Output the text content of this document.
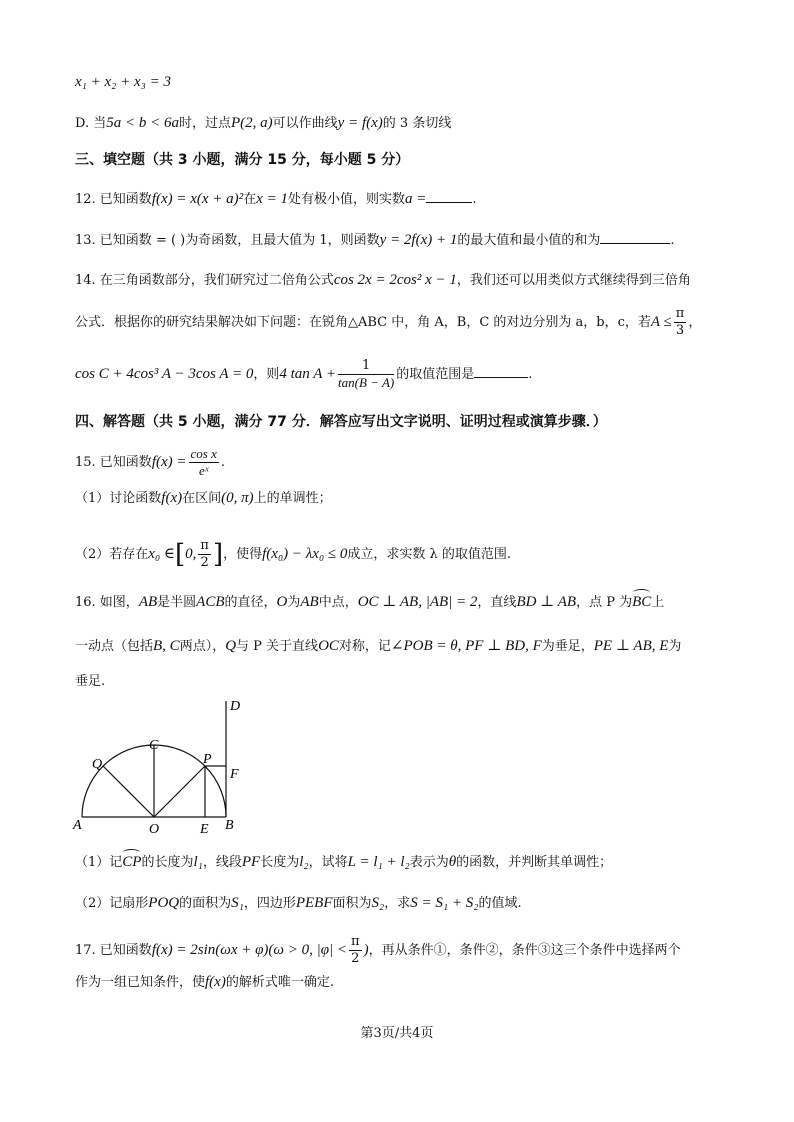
x₁ + x₂ + x₃ = 3
D. 当5a < b < 6a时，过点P(2, a)可以作曲线y = f(x)的 3 条切线
三、填空题（共 3 小题，满分 15 分，每小题 5 分）
12. 已知函数f(x) = x(x + a)²在x = 1处有极小值，则实数a =	.
13. 已知函数 = ( )为奇函数，且最大值为 1，则函数y = 2f(x) + 1的最大值和最小值的和为	.
14. 在三角函数部分，我们研究过二倍角公式cos 2x = 2cos² x − 1，我们还可以用类似方式继续得到三倍角
公式．根据你的研究结果解决如下问题：在锐角△ABC 中，角 A，B，C 的对边分别为 a，b，c，若$A \le \frac{\pi}{3}$ ，
cos C + 4cos³ A − 3cos A = 0，则4 $\tan A + \frac{1}{\tan(B - A)}$ 的取值范围是	.
四、解答题（共 5 小题，满分 77 分．解答应写出文字说明、证明过程或演算步骤．）
15. 已知函数$f(x) = \frac{\text{cos x}}{\text{eˣ}}$ .
（1）讨论函数f(x)在区间(0, π)上的单调性；
（2）若存在x₀ ∈[0, $\frac{\pi}{2}$ ]，使得f(x₀) − λx₀ ≤ 0成立，求实数 λ 的取值范围.
16. 如图，AB是半圆ACB的直径，O为AB中点，OC ⊥ AB, |AB| = 2，直线BD ⊥ AB，点 P 为BC上
一动点（包括B, C两点），Q与 P 关于直线OC对称，记∠POB = θ, PF ⊥ BD, F为垂足，PE ⊥ AB, E为
垂足.
D
C
Q	P
F
A	O	E B
（1）记CP的长度为l₁，线段PF长度为l₂，试将L = l₁ + l₂表示为θ的函数，并判断其单调性；
（2）记扇形POQ的面积为S₁，四边形PEBF面积为S₂，求S = S₁ + S₂的值域.
17. 已知函数f(x) = 2sin(ωx + φ)(ω > 0, $|\varphi| < \frac{\pi}{2}$ )，再从条件①，条件②，条件③这三个条件中选择两个
作为一组已知条件，使f(x)的解析式唯一确定.
第3页/共4页
